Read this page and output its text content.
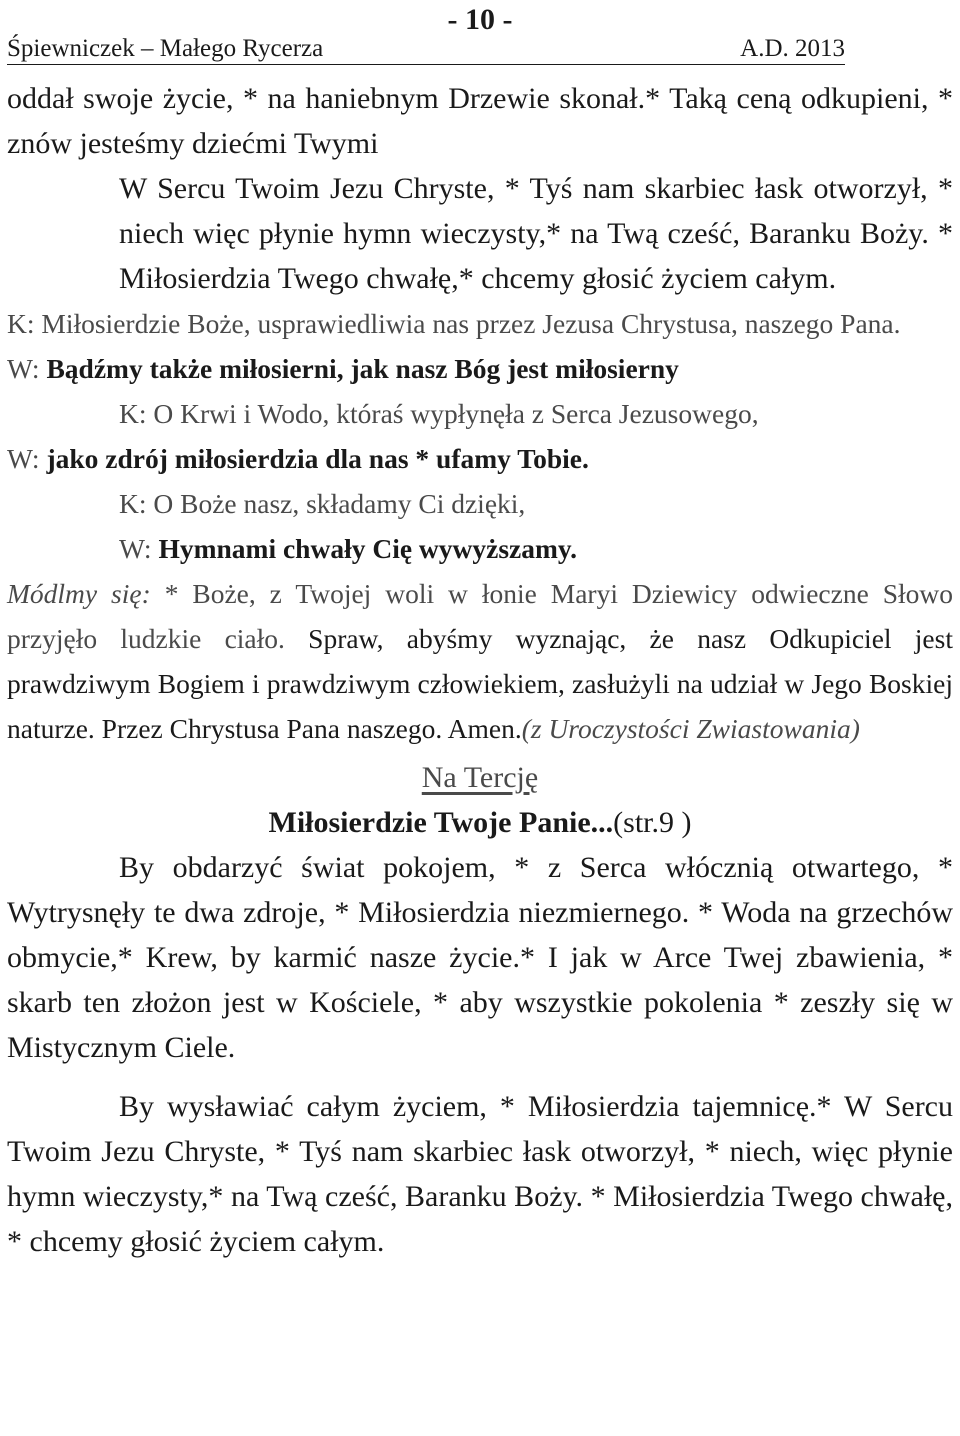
- 10 -
Śpiewniczek – Małego Rycerza	A.D. 2013

oddał swoje życie, * na haniebnym Drzewie skonał.* Taką ceną odkupieni, * znów jesteśmy dziećmi Twymi

W Sercu Twoim Jezu Chryste, * Tyś nam skarbiec łask otworzył, * niech więc płynie hymn wieczysty,* na Twą cześć, Baranku Boży. * Miłosierdzia Twego chwałę,* chcemy głosić życiem całym.

K: Miłosierdzie Boże, usprawiedliwia nas przez Jezusa Chrystusa, naszego Pana.

W: Bądźmy także miłosierni, jak nasz Bóg jest miłosierny

K: O Krwi i Wodo, któraś wypłynęła z Serca Jezusowego,

W: jako zdrój miłosierdzia dla nas * ufamy Tobie.

K: O Boże nasz, składamy Ci dzięki,

W: Hymnami chwały Cię wywyższamy.

Módlmy się: * Boże, z Twojej woli w łonie Maryi Dziewicy odwieczne Słowo przyjęło ludzkie ciało. Spraw, abyśmy wyznając, że nasz Odkupiciel jest prawdziwym Bogiem i prawdziwym człowiekiem, zasłużyli na udział w Jego Boskiej naturze. Przez Chrystusa Pana naszego. Amen.(z Uroczystości Zwiastowania)

Na Tercję

Miłosierdzie Twoje Panie...(str.9 )

By obdarzyć świat pokojem, * z Serca włócznią otwartego, * Wytrysnęły te dwa zdroje, * Miłosierdzia niezmiernego. * Woda na grzechów obmycie,* Krew, by karmić nasze życie.* I jak w Arce Twej zbawienia, * skarb ten złożon jest w Kościele, * aby wszystkie pokolenia * zeszły się w Mistycznym Ciele.

By wysławiać całym życiem, * Miłosierdzia tajemnicę.* W Sercu Twoim Jezu Chryste, * Tyś nam skarbiec łask otworzył, * niech, więc płynie hymn wieczysty,* na Twą cześć, Baranku Boży. * Miłosierdzia Twego chwałę, * chcemy głosić życiem całym.
